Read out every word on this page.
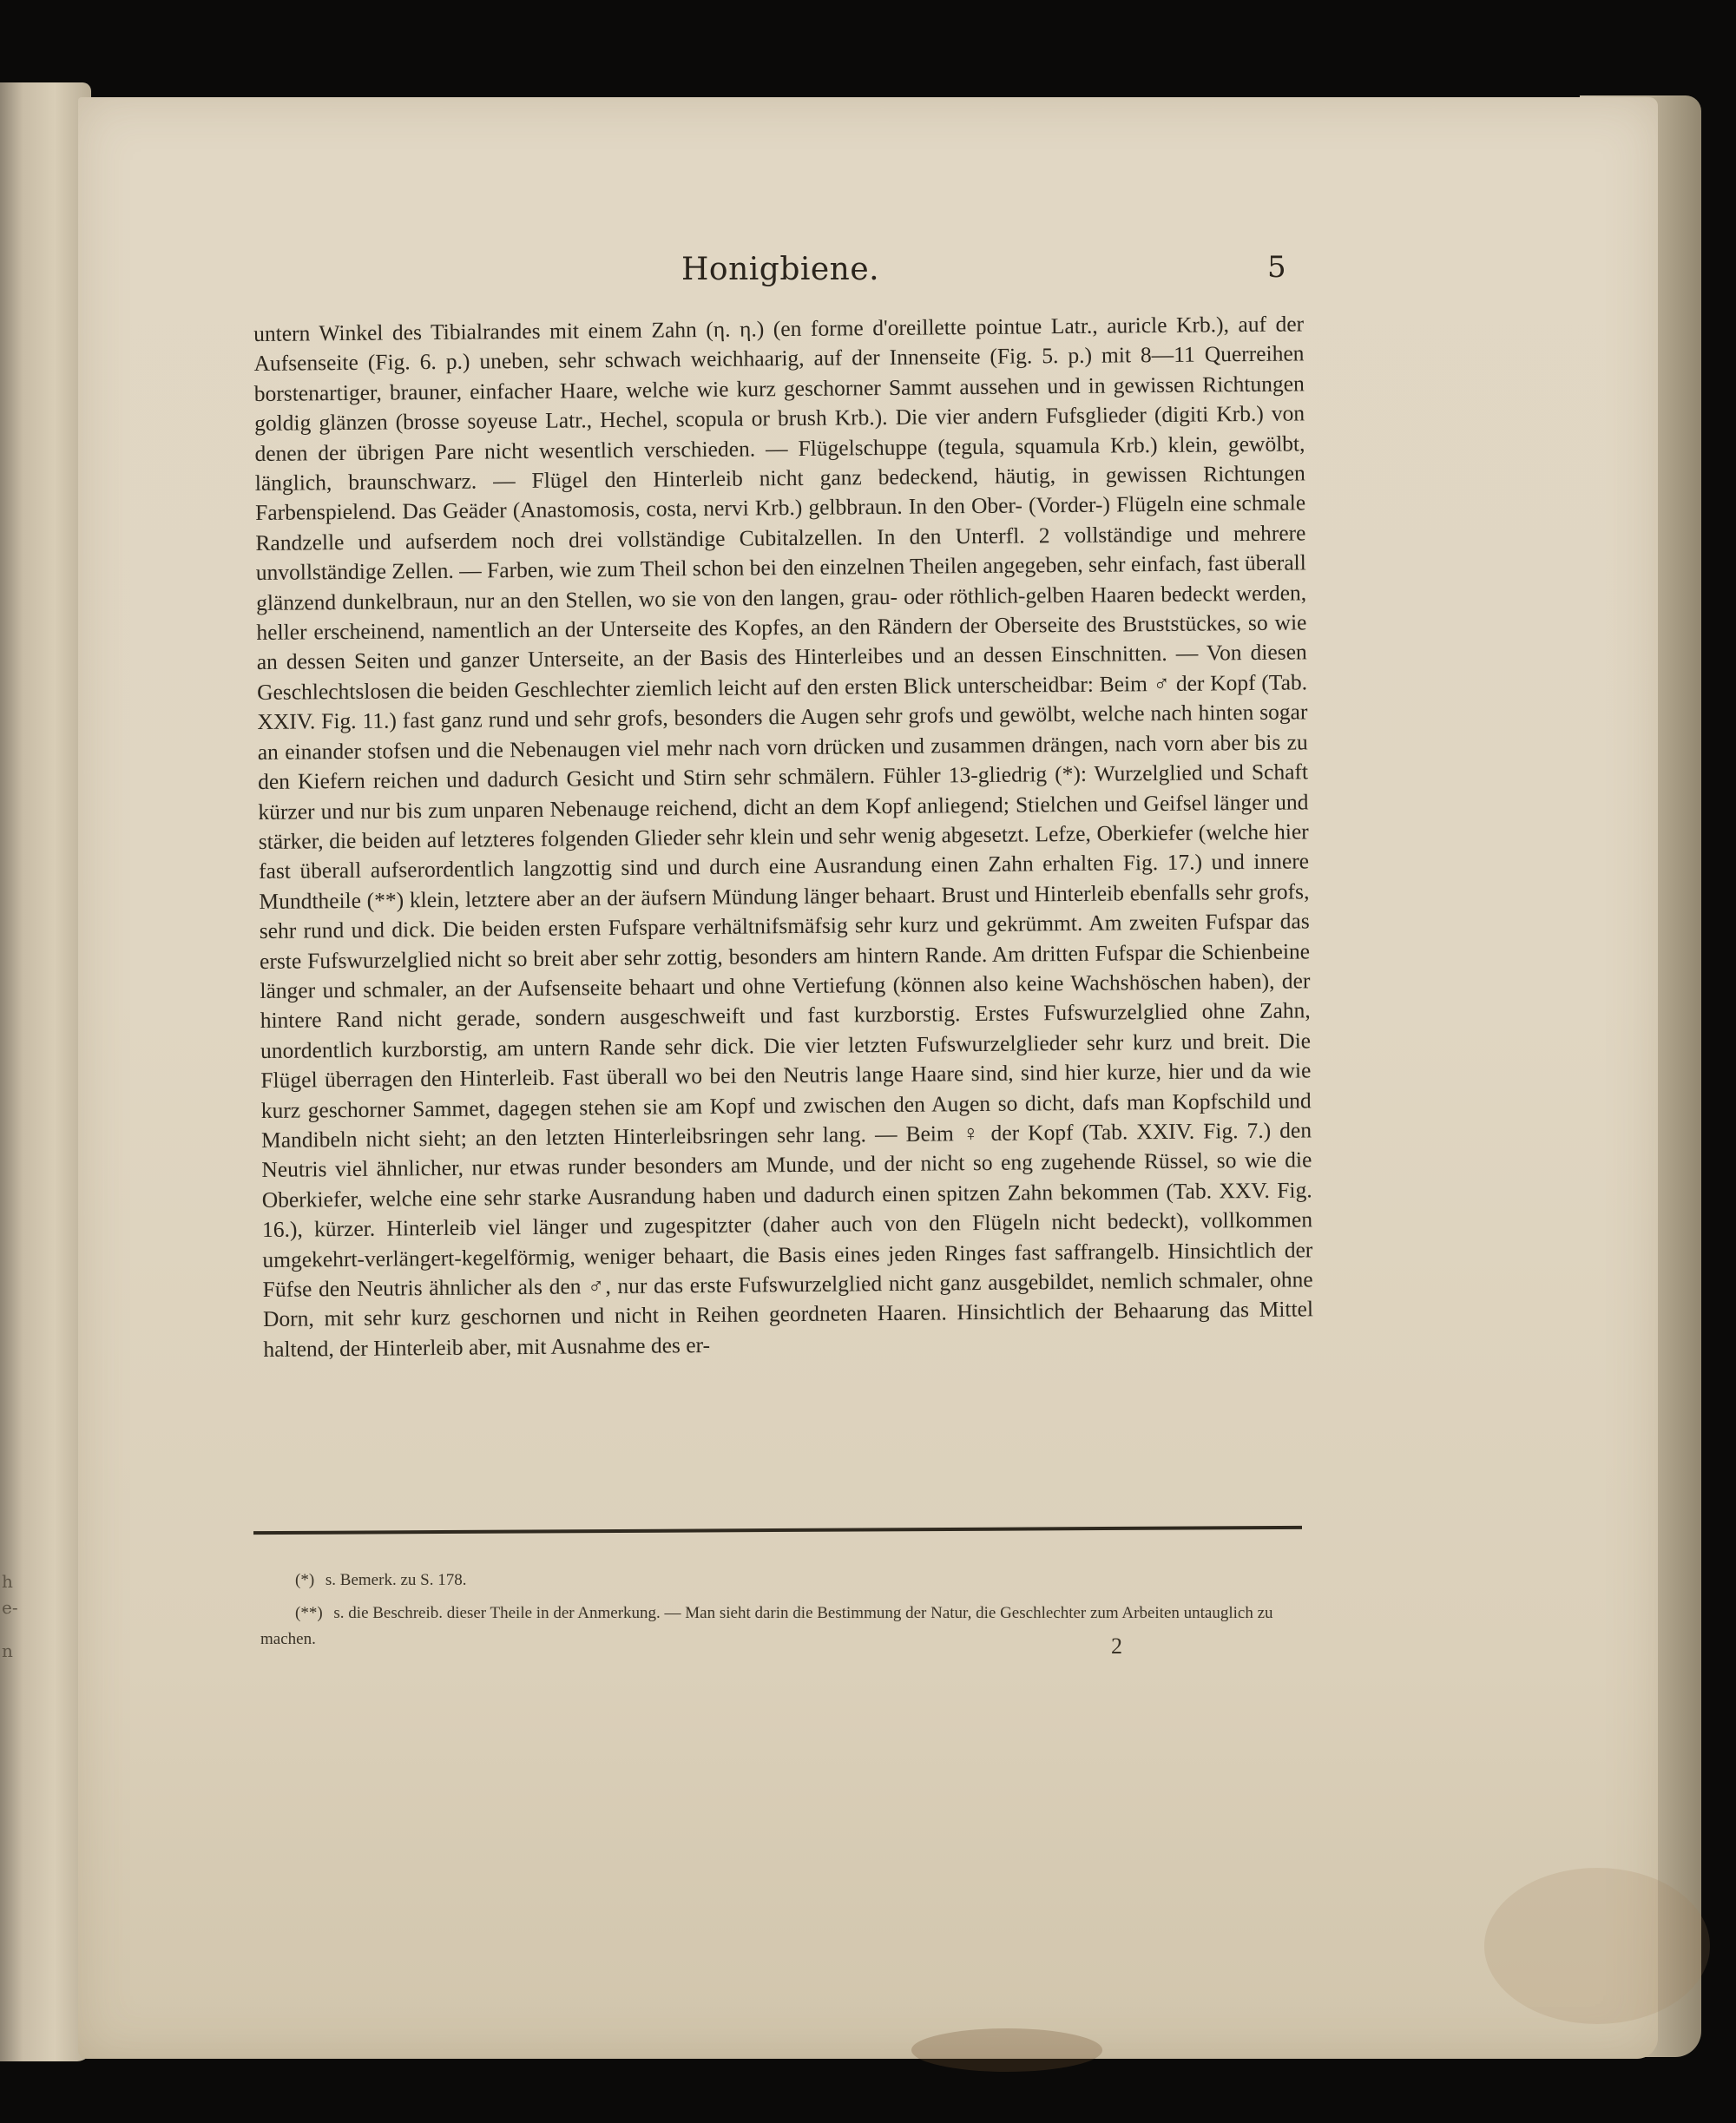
h
e-
n
Honigbiene.	5

untern Winkel des Tibialrandes mit einem Zahn (η. η.) (en forme d'oreillette pointue Latr., auricle Krb.), auf der Aufsenseite (Fig. 6. p.) uneben, sehr schwach weichhaarig, auf der Innenseite (Fig. 5. p.) mit 8—11 Querreihen borstenartiger, brauner, einfacher Haare, welche wie kurz geschorner Sammt aussehen und in gewissen Richtungen goldig glänzen (brosse soyeuse Latr., Hechel, scopula or brush Krb.). Die vier andern Fufsglieder (digiti Krb.) von denen der übrigen Pare nicht wesentlich verschieden. — Flügelschuppe (tegula, squamula Krb.) klein, gewölbt, länglich, braunschwarz. — Flügel den Hinterleib nicht ganz bedeckend, häutig, in gewissen Richtungen Farbenspielend. Das Geäder (Anastomosis, costa, nervi Krb.) gelbbraun. In den Ober- (Vorder-) Flügeln eine schmale Randzelle und aufserdem noch drei vollständige Cubitalzellen. In den Unterfl. 2 vollständige und mehrere unvollständige Zellen. — Farben, wie zum Theil schon bei den einzelnen Theilen angegeben, sehr einfach, fast überall glänzend dunkelbraun, nur an den Stellen, wo sie von den langen, grau- oder röthlich-gelben Haaren bedeckt werden, heller erscheinend, namentlich an der Unterseite des Kopfes, an den Rändern der Oberseite des Bruststückes, so wie an dessen Seiten und ganzer Unterseite, an der Basis des Hinterleibes und an dessen Einschnitten. — Von diesen Geschlechtslosen die beiden Geschlechter ziemlich leicht auf den ersten Blick unterscheidbar: Beim ♂ der Kopf (Tab. XXIV. Fig. 11.) fast ganz rund und sehr grofs, besonders die Augen sehr grofs und gewölbt, welche nach hinten sogar an einander stofsen und die Nebenaugen viel mehr nach vorn drücken und zusammen drängen, nach vorn aber bis zu den Kiefern reichen und dadurch Gesicht und Stirn sehr schmälern. Fühler 13-gliedrig (*): Wurzelglied und Schaft kürzer und nur bis zum unparen Nebenauge reichend, dicht an dem Kopf anliegend; Stielchen und Geifsel länger und stärker, die beiden auf letzteres folgenden Glieder sehr klein und sehr wenig abgesetzt. Lefze, Oberkiefer (welche hier fast überall aufserordentlich langzottig sind und durch eine Ausrandung einen Zahn erhalten Fig. 17.) und innere Mundtheile (**) klein, letztere aber an der äufsern Mündung länger behaart. Brust und Hinterleib ebenfalls sehr grofs, sehr rund und dick. Die beiden ersten Fufspare verhältnifsmäfsig sehr kurz und gekrümmt. Am zweiten Fufspar das erste Fufswurzelglied nicht so breit aber sehr zottig, besonders am hintern Rande. Am dritten Fufspar die Schienbeine länger und schmaler, an der Aufsenseite behaart und ohne Vertiefung (können also keine Wachshöschen haben), der hintere Rand nicht gerade, sondern ausgeschweift und fast kurzborstig. Erstes Fufswurzelglied ohne Zahn, unordentlich kurzborstig, am untern Rande sehr dick. Die vier letzten Fufswurzelglieder sehr kurz und breit. Die Flügel überragen den Hinterleib. Fast überall wo bei den Neutris lange Haare sind, sind hier kurze, hier und da wie kurz geschorner Sammet, dagegen stehen sie am Kopf und zwischen den Augen so dicht, dafs man Kopfschild und Mandibeln nicht sieht; an den letzten Hinterleibsringen sehr lang. — Beim ♀ der Kopf (Tab. XXIV. Fig. 7.) den Neutris viel ähnlicher, nur etwas runder besonders am Munde, und der nicht so eng zugehende Rüssel, so wie die Oberkiefer, welche eine sehr starke Ausrandung haben und dadurch einen spitzen Zahn bekommen (Tab. XXV. Fig. 16.), kürzer. Hinterleib viel länger und zugespitzter (daher auch von den Flügeln nicht bedeckt), vollkommen umgekehrt-verlängert-kegelförmig, weniger behaart, die Basis eines jeden Ringes fast saffrangelb. Hinsichtlich der Füfse den Neutris ähnlicher als den ♂, nur das erste Fufswurzelglied nicht ganz ausgebildet, nemlich schmaler, ohne Dorn, mit sehr kurz geschornen und nicht in Reihen geordneten Haaren. Hinsichtlich der Behaarung das Mittel haltend, der Hinterleib aber, mit Ausnahme des er-

(*) s. Bemerk. zu S. 178.

(**) s. die Beschreib. dieser Theile in der Anmerkung. — Man sieht darin die Bestimmung der Natur, die Geschlechter zum Arbeiten untauglich zu machen.	2
